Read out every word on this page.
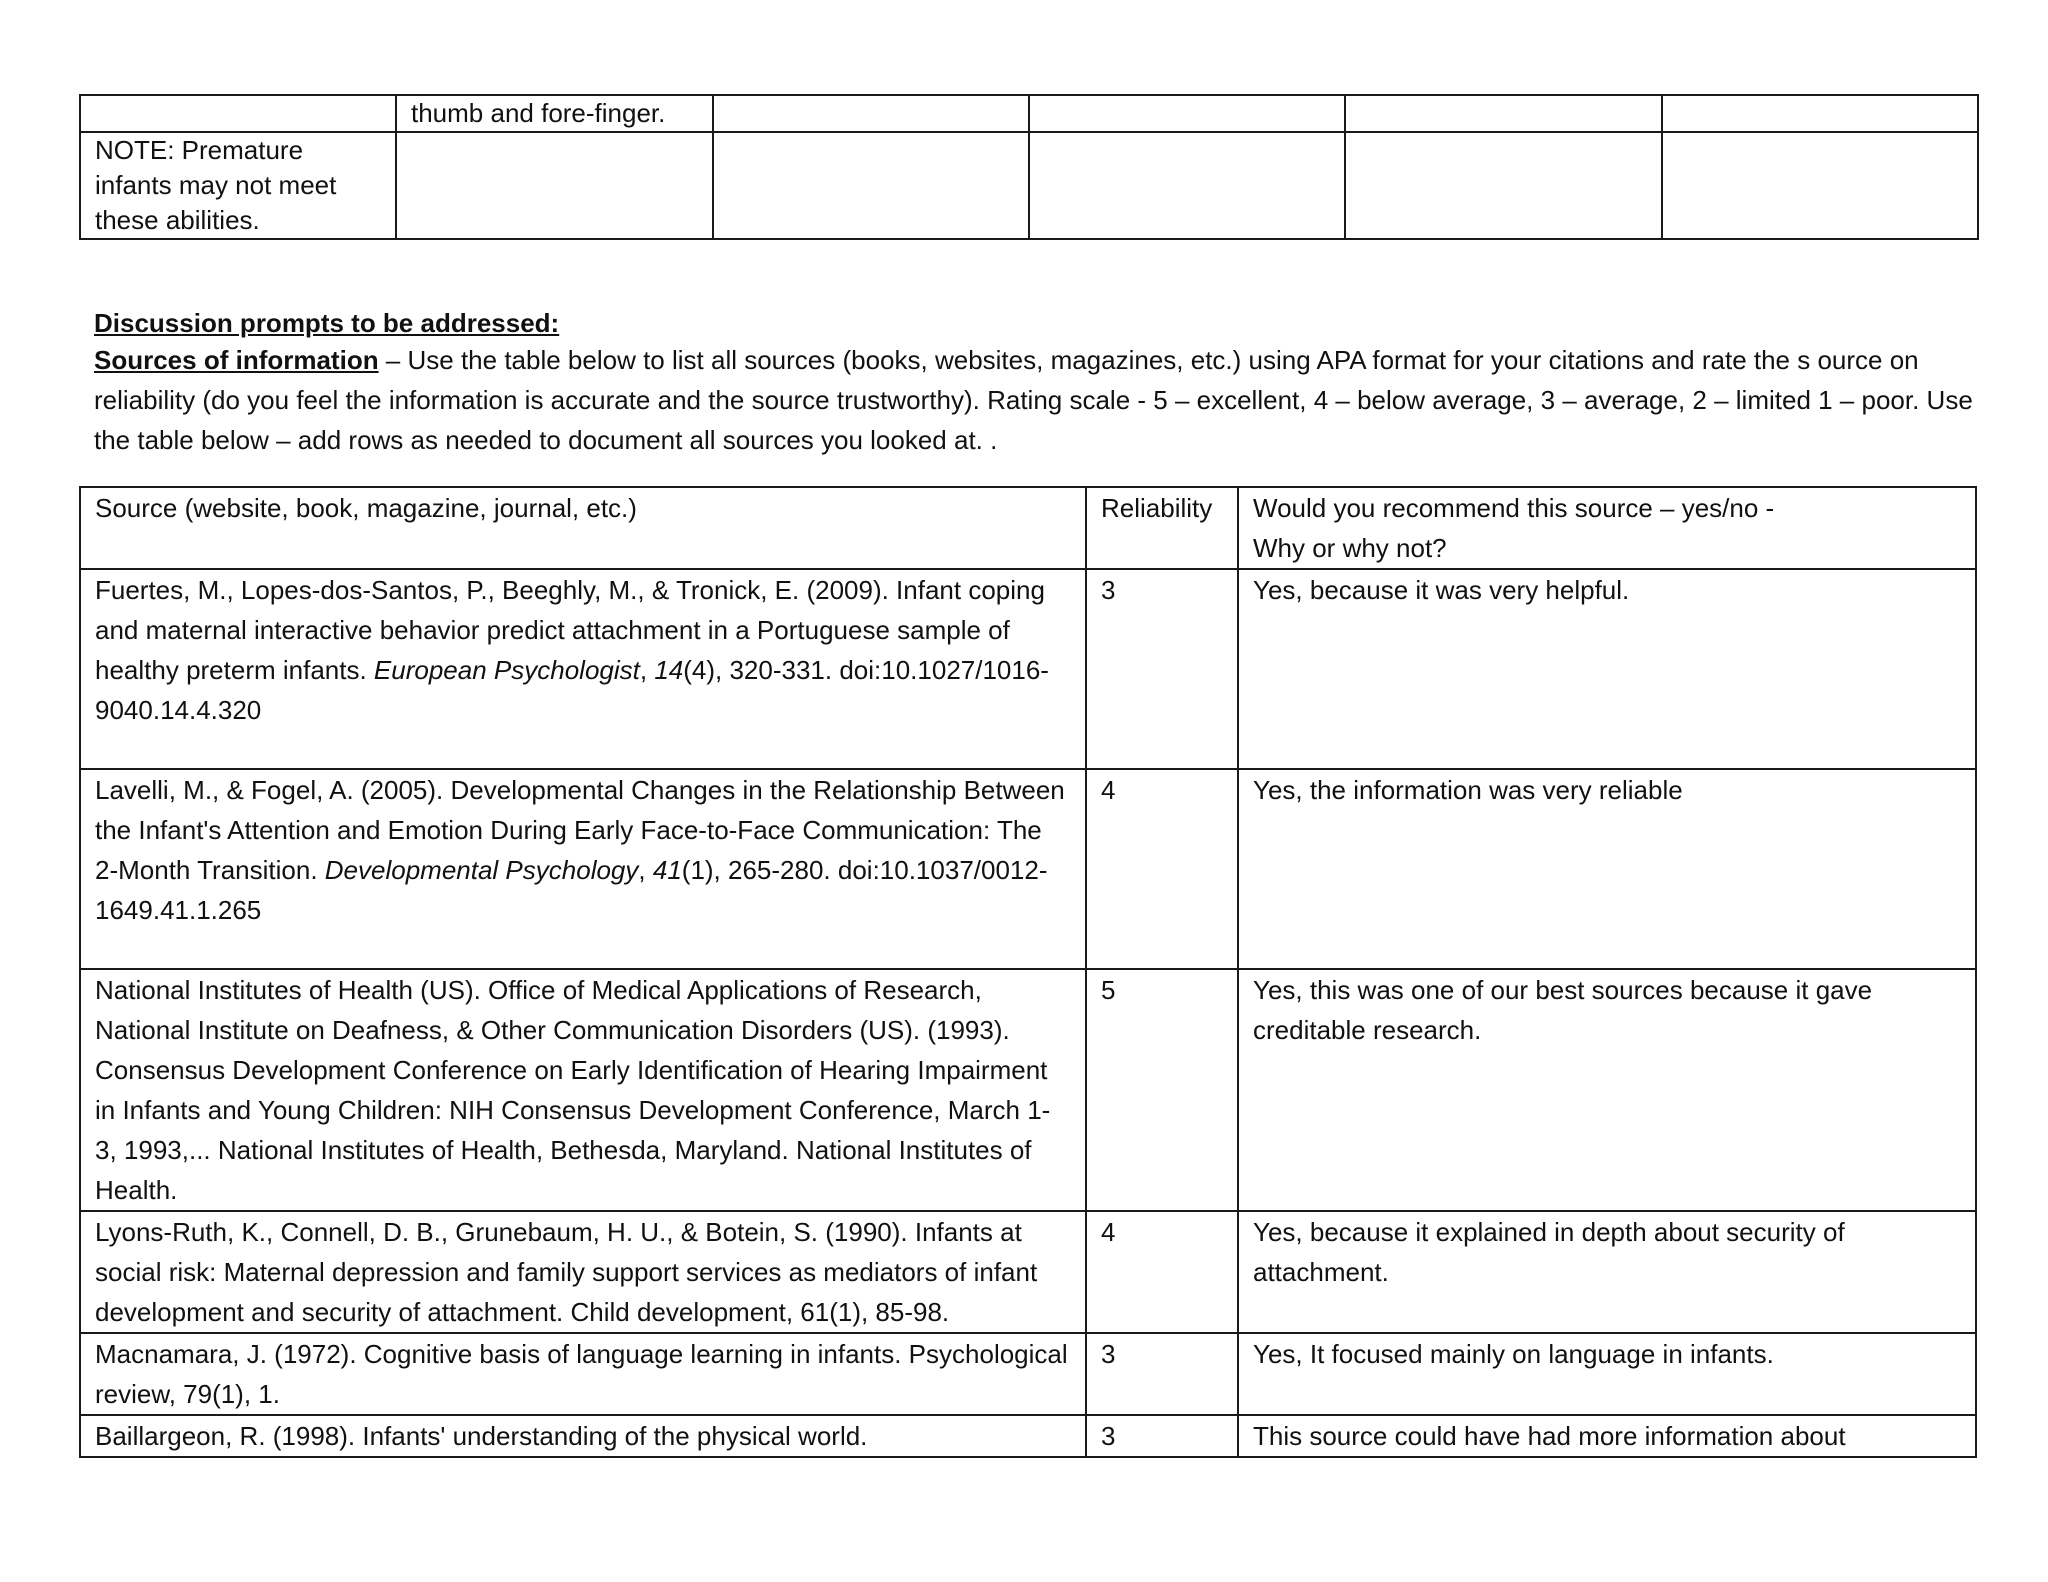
	thumb and fore-finger.				
NOTE: Premature infants may not meet these abilities.					
Discussion prompts to be addressed:
Sources of information – Use the table below to list all sources (books, websites, magazines, etc.) using APA format for your citations and rate the s ource on reliability (do you feel the information is accurate and the source trustworthy). Rating scale - 5 – excellent, 4 – below average, 3 – average, 2 – limited 1 – poor. Use the table below – add rows as needed to document all sources you looked at. .
Source (website, book, magazine, journal, etc.)	Reliability	Would you recommend this source – yes/no -
Why or why not?
Fuertes, M., Lopes-dos-Santos, P., Beeghly, M., & Tronick, E. (2009). Infant coping and maternal interactive behavior predict attachment in a Portuguese sample of healthy preterm infants. European Psychologist, 14(4), 320-331. doi:10.1027/1016-9040.14.4.320	3	Yes, because it was very helpful.
Lavelli, M., & Fogel, A. (2005). Developmental Changes in the Relationship Between the Infant's Attention and Emotion During Early Face-to-Face Communication: The 2-Month Transition. Developmental Psychology, 41(1), 265-280. doi:10.1037/0012-1649.41.1.265	4	Yes, the information was very reliable
National Institutes of Health (US). Office of Medical Applications of Research, National Institute on Deafness, & Other Communication Disorders (US). (1993). Consensus Development Conference on Early Identification of Hearing Impairment in Infants and Young Children: NIH Consensus Development Conference, March 1-3, 1993,... National Institutes of Health, Bethesda, Maryland. National Institutes of Health.	5	Yes, this was one of our best sources because it gave creditable research.
Lyons-Ruth, K., Connell, D. B., Grunebaum, H. U., & Botein, S. (1990). Infants at social risk: Maternal depression and family support services as mediators of infant development and security of attachment. Child development, 61(1), 85-98.	4	Yes, because it explained in depth about security of attachment.
Macnamara, J. (1972). Cognitive basis of language learning in infants. Psychological review, 79(1), 1.	3	Yes, It focused mainly on language in infants.
Baillargeon, R. (1998). Infants' understanding of the physical world.	3	This source could have had more information about
